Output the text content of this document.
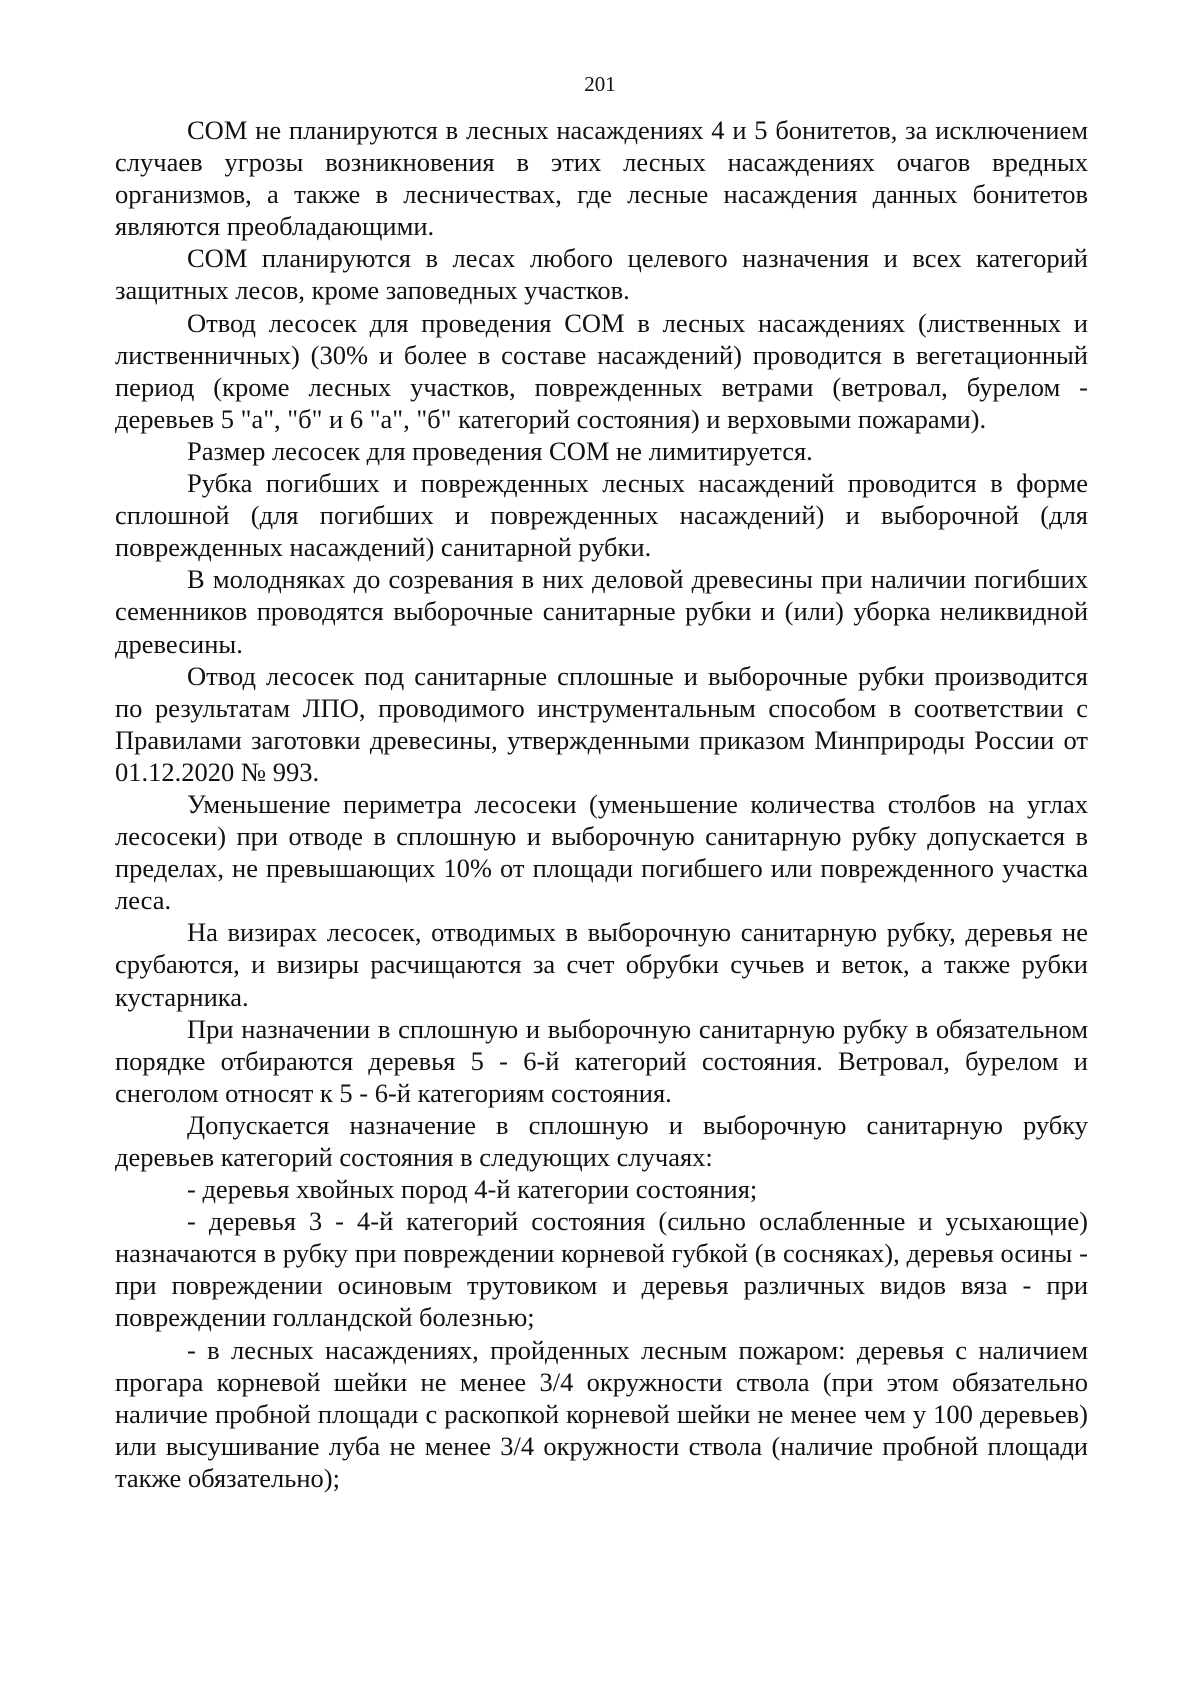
201

СОМ не планируются в лесных насаждениях 4 и 5 бонитетов, за исключением случаев угрозы возникновения в этих лесных насаждениях очагов вредных организмов, а также в лесничествах, где лесные насаждения данных бонитетов являются преобладающими.

СОМ планируются в лесах любого целевого назначения и всех категорий защитных лесов, кроме заповедных участков.

Отвод лесосек для проведения СОМ в лесных насаждениях (лиственных и лиственничных) (30% и более в составе насаждений) проводится в вегетационный период (кроме лесных участков, поврежденных ветрами (ветровал, бурелом - деревьев 5 "а", "б" и 6 "а", "б" категорий состояния) и верховыми пожарами).

Размер лесосек для проведения СОМ не лимитируется.

Рубка погибших и поврежденных лесных насаждений проводится в форме сплошной (для погибших и поврежденных насаждений) и выборочной (для поврежденных насаждений) санитарной рубки.

В молодняках до созревания в них деловой древесины при наличии погибших семенников проводятся выборочные санитарные рубки и (или) уборка неликвидной древесины.

Отвод лесосек под санитарные сплошные и выборочные рубки производится по результатам ЛПО, проводимого инструментальным способом в соответствии с Правилами заготовки древесины, утвержденными приказом Минприроды России от 01.12.2020 № 993.

Уменьшение периметра лесосеки (уменьшение количества столбов на углах лесосеки) при отводе в сплошную и выборочную санитарную рубку допускается в пределах, не превышающих 10% от площади погибшего или поврежденного участка леса.

На визирах лесосек, отводимых в выборочную санитарную рубку, деревья не срубаются, и визиры расчищаются за счет обрубки сучьев и веток, а также рубки кустарника.

При назначении в сплошную и выборочную санитарную рубку в обязательном порядке отбираются деревья 5 - 6-й категорий состояния. Ветровал, бурелом и снеголом относят к 5 - 6-й категориям состояния.

Допускается назначение в сплошную и выборочную санитарную рубку деревьев категорий состояния в следующих случаях:

- деревья хвойных пород 4-й категории состояния;

- деревья 3 - 4-й категорий состояния (сильно ослабленные и усыхающие) назначаются в рубку при повреждении корневой губкой (в сосняках), деревья осины - при повреждении осиновым трутовиком и деревья различных видов вяза - при повреждении голландской болезнью;

- в лесных насаждениях, пройденных лесным пожаром: деревья с наличием прогара корневой шейки не менее 3/4 окружности ствола (при этом обязательно наличие пробной площади с раскопкой корневой шейки не менее чем у 100 деревьев) или высушивание луба не менее 3/4 окружности ствола (наличие пробной площади также обязательно);
